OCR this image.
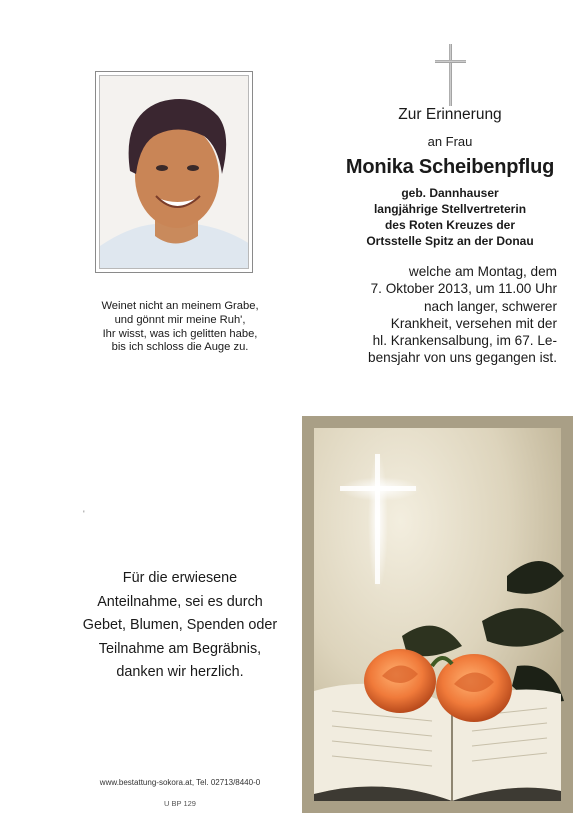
Weinet nicht an meinem Grabe,
und gönnt mir meine Ruh',
Ihr wisst, was ich gelitten habe,
bis ich schloss die Auge zu.
Zur Erinnerung
an Frau
Monika Scheibenpflug
geb. Dannhauser
langjährige Stellvertreterin
des Roten Kreuzes der
Ortsstelle Spitz an der Donau
welche am Montag, dem
7. Oktober 2013, um 11.00 Uhr
nach langer, schwerer
Krankheit, versehen mit der
hl. Krankensalbung, im 67. Le-
bensjahr von uns gegangen ist.
'
Für die erwiesene
Anteilnahme, sei es durch
Gebet, Blumen, Spenden oder
Teilnahme am Begräbnis,
danken wir herzlich.
www.bestattung-sokora.at, Tel. 02713/8440-0
U BP 129
